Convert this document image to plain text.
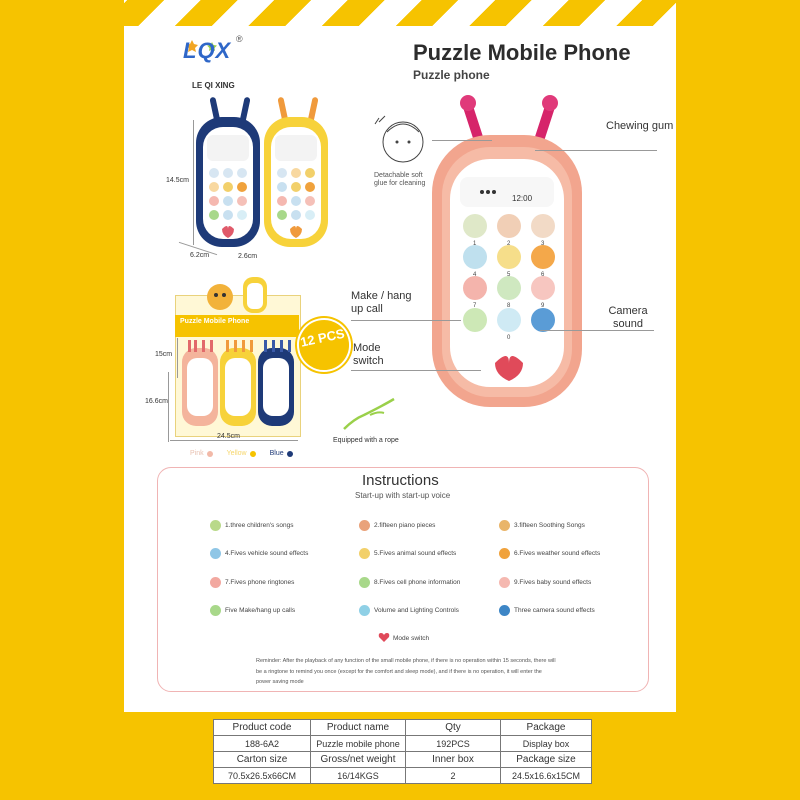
LQX ®
LE QI XING
Puzzle Mobile Phone
Puzzle phone
14.5cm
6.2cm	2.6cm
Puzzle Mobile Phone
12 PCS
15cm
16.6cm
24.5cm
Pink	Yellow	Blue
12:00
1	2	3
4	5	6
7	8	9
0
Detachable soft glue for cleaning
Chewing gum
Make / hang up call	Camera sound
Mode switch
Equipped with a rope
Instructions
Start-up with start-up voice
1.three children's songs	2.fifteen piano pieces	3.fifteen Soothing Songs
4.Fives vehicle sound effects	5.Fives animal sound effects	6.Fives weather sound effects
7.Fives phone ringtones	8.Fives cell phone information	9.Fives baby sound effects
Five Make/hang up calls	Volume and Lighting Controls	Three camera sound effects
Mode switch
Reminder: After the playback of any function of the small mobile phone, if there is no operation within 15 seconds, there will be a ringtone to remind you once (except for the comfort and sleep mode), and if there is no operation, it will enter the power saving mode
Product code	Product name	Qty	Package
188-6A2	Puzzle mobile phone	192PCS	Display box
Carton size	Gross/net weight	Inner box	Package size
70.5x26.5x66CM	16/14KGS	2	24.5x16.6x15CM
